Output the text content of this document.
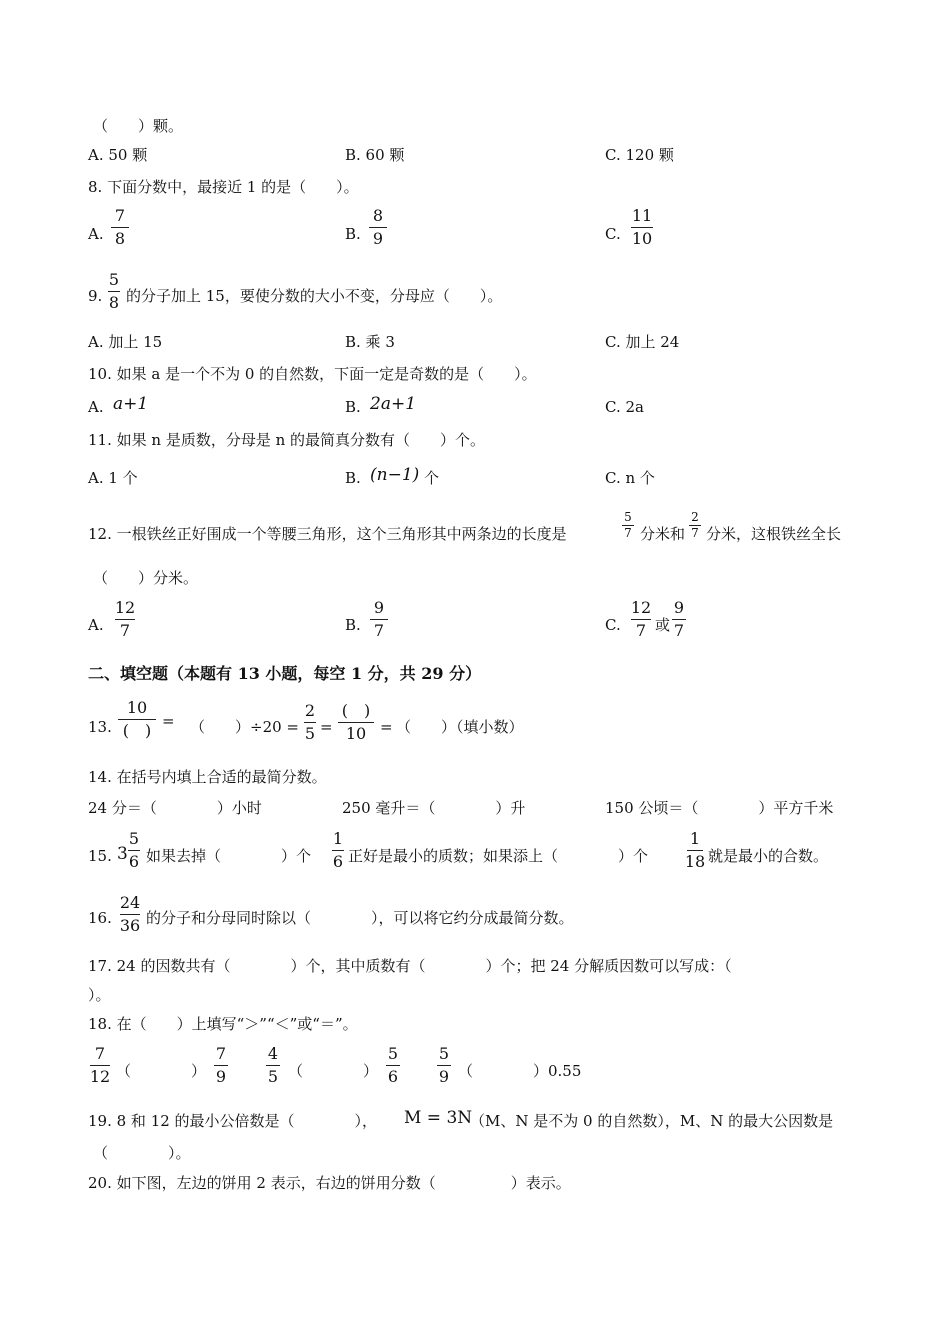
（　　）颗。
A. 50 颗	B. 60 颗	C. 120 颗
8. 下面分数中，最接近 1 的是（　　）。
A.
7
8	B.
8
9	C.
11
10
9.
5
8 的分子加上 15，要使分数的大小不变，分母应（　　）。
A. 加上 15	B. 乘 3	C. 加上 24
10. 如果 a 是一个不为 0 的自然数，下面一定是奇数的是（　　）。
A. a+1	B. 2a+1	C. 2a
11. 如果 n 是质数，分母是 n 的最简真分数有（　　）个。
A. 1 个	B. (n−1) 个	C. n 个
12. 一根铁丝正好围成一个等腰三角形，这个三角形其中两条边的长度是
5
7 分米和
2
7 分米，这根铁丝全长
（　　）分米。
A.
12
7	B.
9
7	C.
12
7 或
9
7
二、填空题（本题有 13 小题，每空 1 分，共 29 分）
13.
10
(　) = （　　）÷20 =
2
5 =
(　)
10 = （　　）（填小数）
14. 在括号内填上合适的最简分数。
24 分＝（　　　　）小时	250 毫升＝（　　　　）升	150 公顷＝（　　　　）平方千米
15. 3
5
6 如果去掉（　　　　）个
1
6 正好是最小的质数；如果添上（　　　　）个
1
18 就是最小的合数。
16.
24
36 的分子和分母同时除以（　　　　），可以将它约分成最简分数。
17. 24 的因数共有（　　　　）个，其中质数有（　　　　）个；把 24 分解质因数可以写成：（
）。
18. 在（　　）上填写“＞”“＜”或“＝”。
7
12 （　　　　）
7
9
4
5 （　　　　）
5
6
5
9 （　　　　）0.55
19. 8 和 12 的最小公倍数是（　　　　）， M = 3N
（M、N 是不为 0 的自然数），M、N 的最大公因数是
（　　　　）。
20. 如下图，左边的饼用 2 表示，右边的饼用分数（　　　　　）表示。
